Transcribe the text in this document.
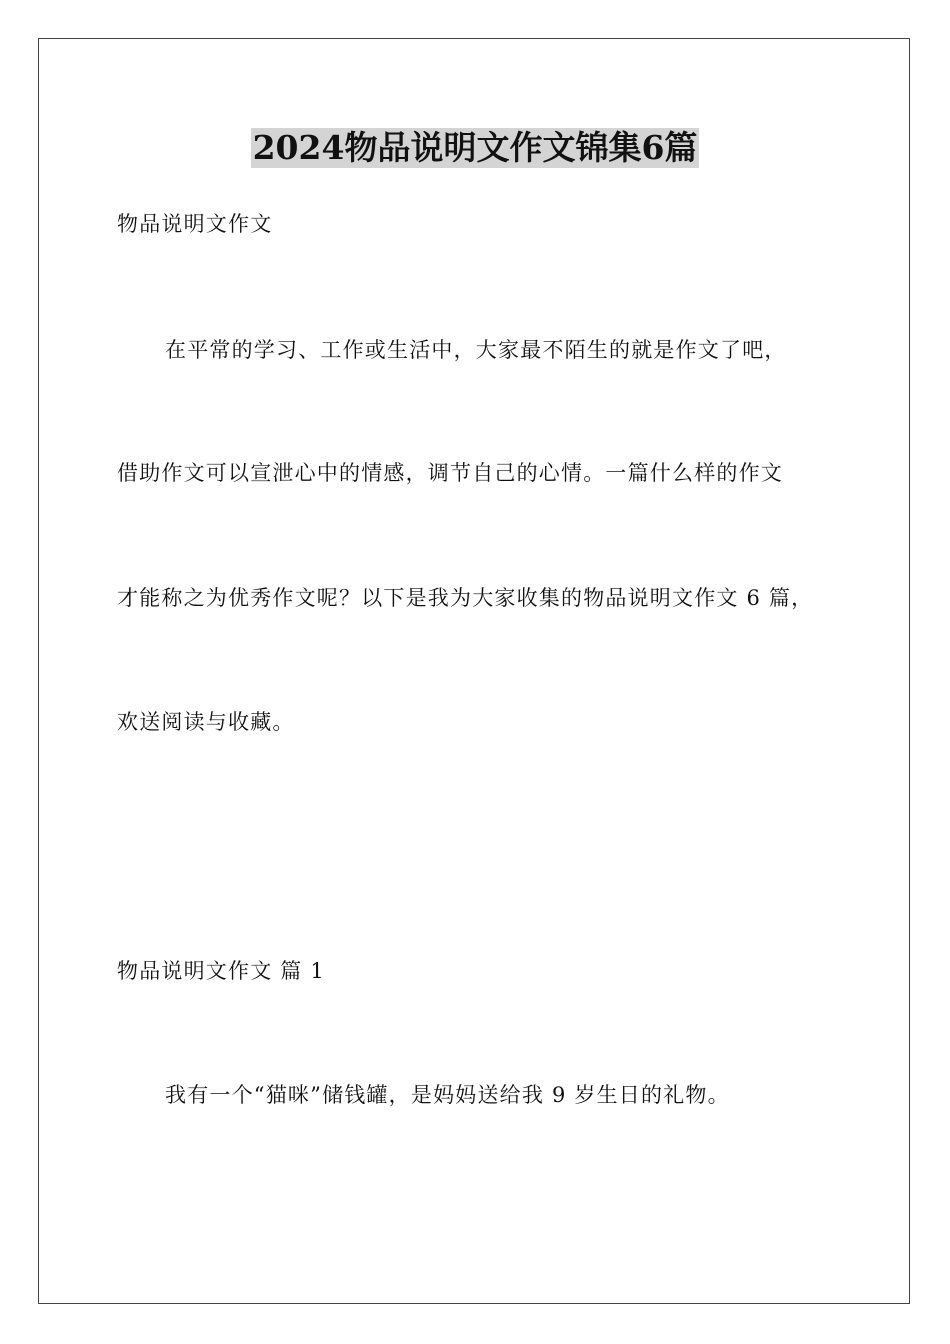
2024物品说明文作文锦集6篇
物品说明文作文
在平常的学习、工作或生活中，大家最不陌生的就是作文了吧，
借助作文可以宣泄心中的情感，调节自己的心情。一篇什么样的作文
才能称之为优秀作文呢？以下是我为大家收集的物品说明文作文 6 篇，
欢送阅读与收藏。
物品说明文作文 篇 1
我有一个“猫咪”储钱罐，是妈妈送给我 9 岁生日的礼物。
